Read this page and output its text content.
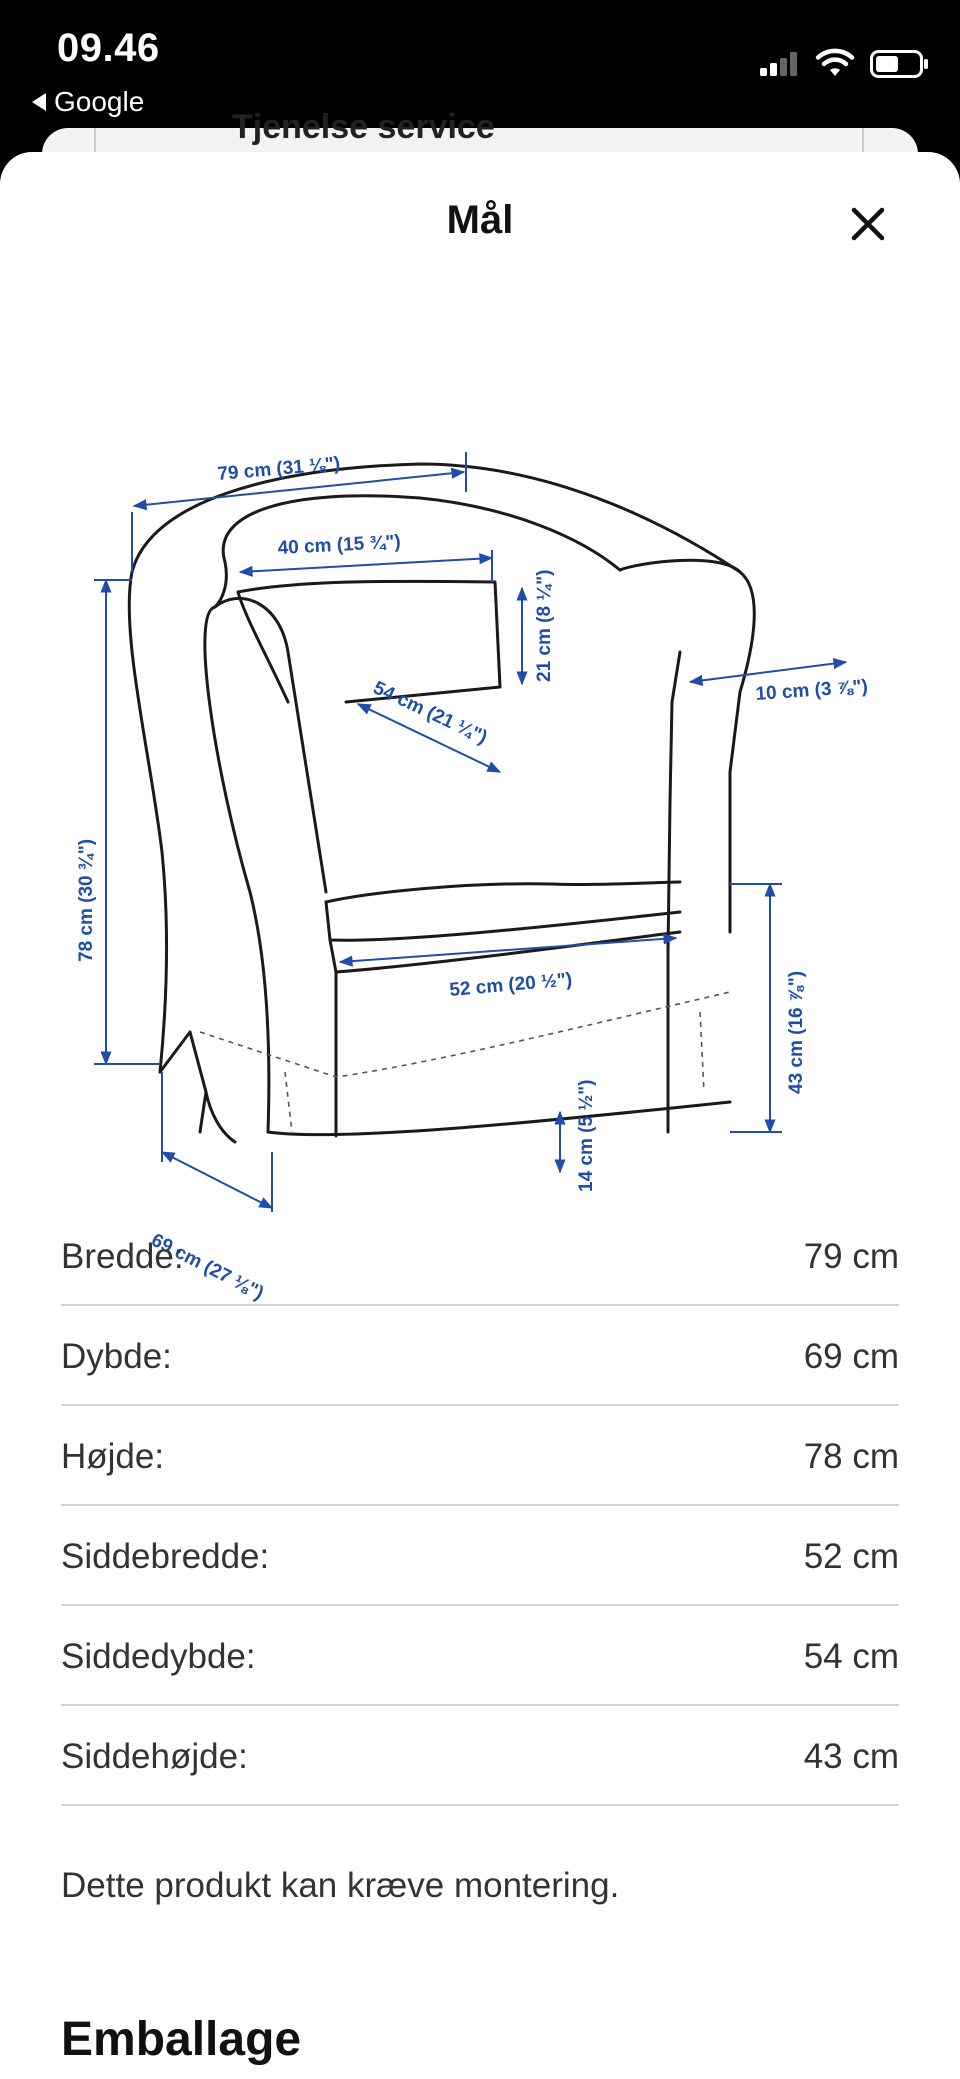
09.46
Google
Tjenelse service
Mål
79 cm (31 ⅛")
40 cm (15 ¾")
21 cm (8 ¼")
10 cm (3 ⅞")
54 cm (21 ¼")
52 cm (20 ½")	43 cm (16 ⅞")
78 cm (30 ¾")
14 cm (5 ½")
69 cm (27 ⅛")
Bredde:	79 cm
Dybde:	69 cm
Højde:	78 cm
Siddebredde:	52 cm
Siddedybde:	54 cm
Siddehøjde:	43 cm
Dette produkt kan kræve montering.
Emballage
